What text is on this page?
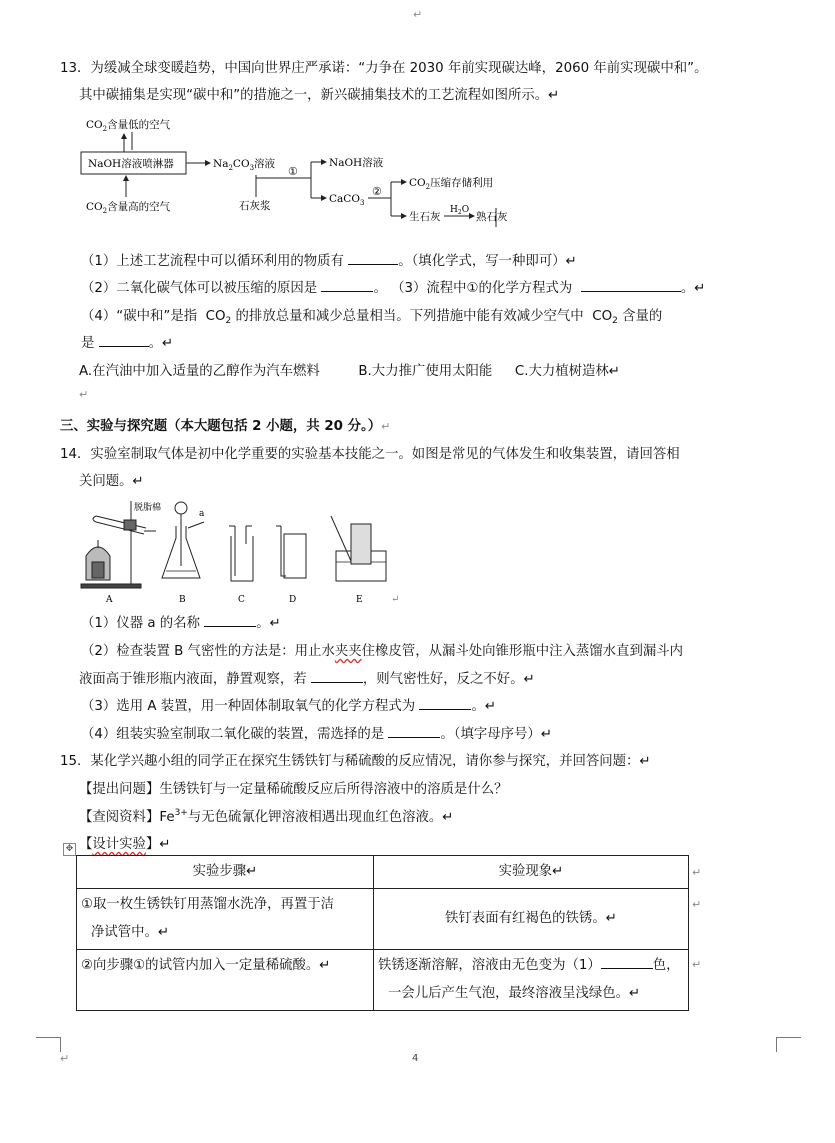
↵
13．为缓减全球变暖趋势，中国向世界庄严承诺：“力争在 2030 年前实现碳达峰，2060 年前实现碳中和”。
其中碳捕集是实现“碳中和”的措施之一，新兴碳捕集技术的工艺流程如图所示。↵
$CO_2$含量低的空气
NaOH溶液喷淋器
$CO_2$含量高的空气
$Na_2CO_3$溶液
①
石灰浆
NaOH溶液
CaCO$_3$
②
$CO_2$压缩存储利用
生石灰
$H_2O$
熟石灰
（1）上述工艺流程中可以循环利用的物质有	。（填化学式，写一种即可）↵
（2）二氧化碳气体可以被压缩的原因是	。 （3）流程中①的化学方程式为	。↵
（4）“碳中和”是指 $CO_2$ 的排放总量和减少总量相当。下列措施中能有效减少空气中 $CO_2$ 含量的
是	。↵
A.在汽油中加入适量的乙醇作为汽车燃料	B.大力推广使用太阳能 C.大力植树造林↵
↵
三、实验与探究题（本大题包括 2 小题，共 20 分。）↵
14．实验室制取气体是初中化学重要的实验基本技能之一。如图是常见的气体发生和收集装置，请回答相
关问题。↵
脱脂棉
a
A	B	C	D	E	↵
（1）仪器 a 的名称	。↵
（2）检查装置 B 气密性的方法是：用止水夹夹住橡皮管，从漏斗处向锥形瓶中注入蒸馏水直到漏斗内
液面高于锥形瓶内液面，静置观察，若	，则气密性好，反之不好。↵
（3）选用 A 装置，用一种固体制取氧气的化学方程式为	。↵
（4）组装实验室制取二氧化碳的装置，需选择的是	。（填字母序号）↵
15．某化学兴趣小组的同学正在探究生锈铁钉与稀硫酸的反应情况，请你参与探究，并回答问题：↵
【提出问题】生锈铁钉与一定量稀硫酸反应后所得溶液中的溶质是什么？
【查阅资料】$Fe^{3+}$与无色硫氰化钾溶液相遇出现血红色溶液。↵
✥ 【设计实验】↵
实验步骤↵	实验现象↵

①取一枚生锈铁钉用蒸馏水洗净，再置于洁
净试管中。↵	铁钉表面有红褐色的铁锈。↵
②向步骤①的试管内加入一定量稀硫酸。↵	铁锈逐渐溶解，溶液由无色变为（1） 色，
一会儿后产生气泡，最终溶液呈浅绿色。↵
↵
↵
↵
↵	4
